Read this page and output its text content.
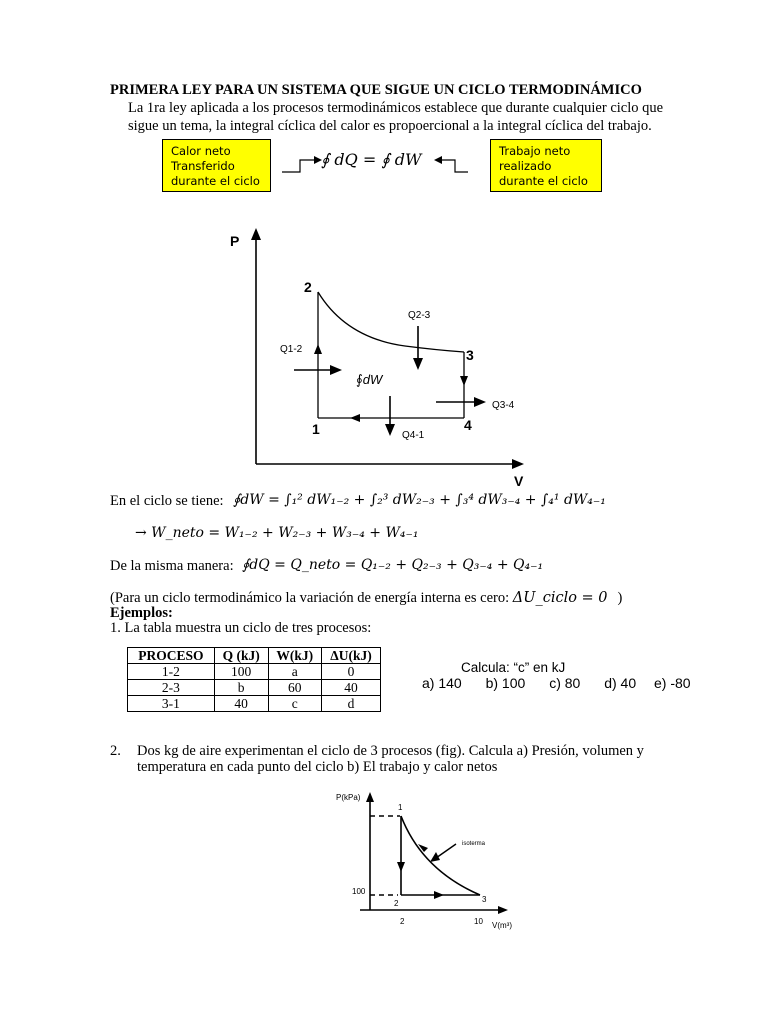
PRIMERA LEY PARA UN SISTEMA QUE SIGUE UN CICLO TERMODINÁMICO
La 1ra ley aplicada a los procesos termodinámicos establece que durante cualquier ciclo que
sigue un tema, la integral cíclica del calor es propoercional a la integral cíclica del trabajo.
Calor neto
Transferido
durante el ciclo
Trabajo neto
realizado
durante el ciclo
∮ dQ = ∮ dW
P
V
2
3
1	4
Q1-2
Q2-3
Q3-4
Q4-1
∮dW
En el ciclo se tiene: ∮dW = ∫₁² dW₁₋₂ + ∫₂³ dW₂₋₃ + ∫₃⁴ dW₃₋₄ + ∫₄¹ dW₄₋₁
→ W_neto = W₁₋₂ + W₂₋₃ + W₃₋₄ + W₄₋₁
De la misma manera: ∮dQ = Q_neto = Q₁₋₂ + Q₂₋₃ + Q₃₋₄ + Q₄₋₁
(Para un ciclo termodinámico la variación de energía interna es cero: ΔU_ciclo = 0 )
Ejemplos:
1. La tabla muestra un ciclo de tres procesos:
PROCESO	Q (kJ)	W(kJ)	ΔU(kJ)
1-2	100	a	0
2-3	b	60	40
3-1	40	c	d
Calcula: “c” en kJ
a) 140 b) 100 c) 80 d) 40 e) -80
2. Dos kg de aire experimentan el ciclo de 3 procesos (fig). Calcula a) Presión, volumen y
temperatura en cada punto del ciclo b) El trabajo y calor netos
P(kPa)
V(m³)
isoterma
1
2	3
100
2	10
